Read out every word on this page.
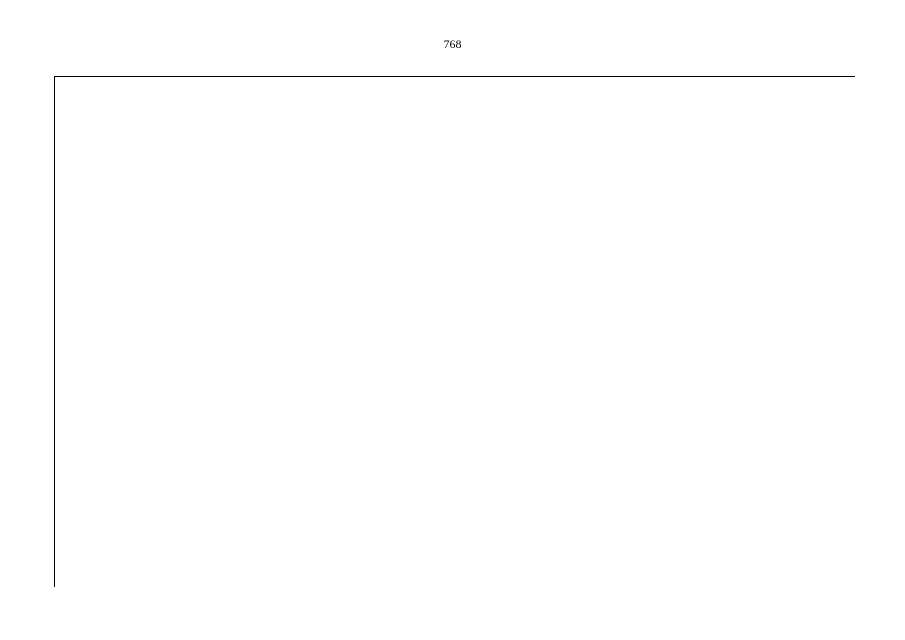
768
